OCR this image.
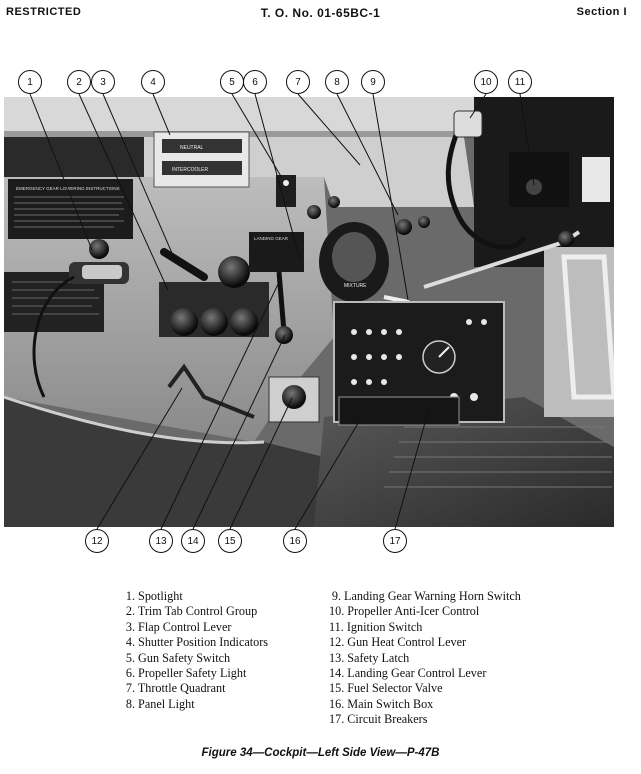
RESTRICTED	T. O. No. 01-65BC-1	Section I
EMERGENCY GEAR LOWERING INSTRUCTIONS
NEUTRAL
INTERCOOLER
LANDING GEAR
MIXTURE
1	2	3	4	5	6	7	8	9	10	11
12	13	14	15	16	17
1. Spotlight
2. Trim Tab Control Group
3. Flap Control Lever
4. Shutter Position Indicators
5. Gun Safety Switch
6. Propeller Safety Light
7. Throttle Quadrant
8. Panel Light
9. Landing Gear Warning Horn Switch
10. Propeller Anti-Icer Control
11. Ignition Switch
12. Gun Heat Control Lever
13. Safety Latch
14. Landing Gear Control Lever
15. Fuel Selector Valve
16. Main Switch Box
17. Circuit Breakers
Figure 34—Cockpit—Left Side View—P-47B
